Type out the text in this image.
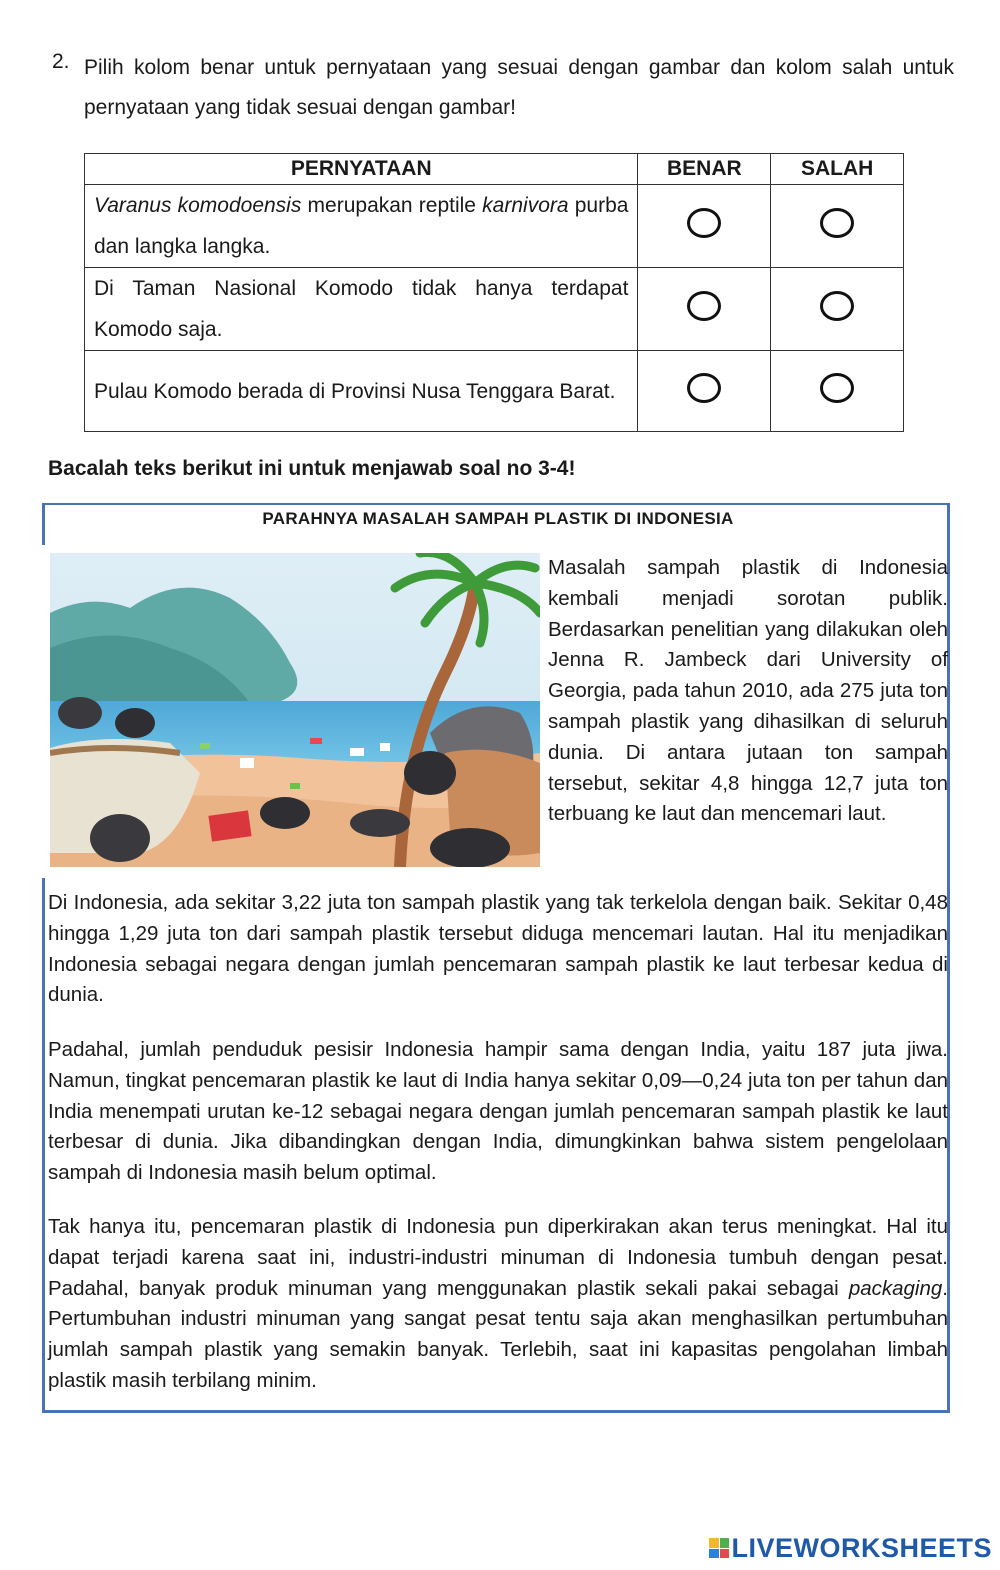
2. Pilih kolom benar untuk pernyataan yang sesuai dengan gambar dan kolom salah untuk pernyataan yang tidak sesuai dengan gambar!
PERNYATAAN	BENAR	SALAH
Varanus komodoensis merupakan reptile karnivora purba dan langka langka.		
Di Taman Nasional Komodo tidak hanya terdapat Komodo saja.		
Pulau Komodo berada di Provinsi Nusa Tenggara Barat.		
Bacalah teks berikut ini untuk menjawab soal no 3-4!
PARAHNYA MASALAH SAMPAH PLASTIK DI INDONESIA
Masalah sampah plastik di Indonesia kembali menjadi sorotan publik. Berdasarkan penelitian yang dilakukan oleh Jenna R. Jambeck dari University of Georgia, pada tahun 2010, ada 275 juta ton sampah plastik yang dihasilkan di seluruh dunia. Di antara jutaan ton sampah tersebut, sekitar 4,8 hingga 12,7 juta ton terbuang ke laut dan mencemari laut.
Di Indonesia, ada sekitar 3,22 juta ton sampah plastik yang tak terkelola dengan baik. Sekitar 0,48 hingga 1,29 juta ton dari sampah plastik tersebut diduga mencemari lautan. Hal itu menjadikan Indonesia sebagai negara dengan jumlah pencemaran sampah plastik ke laut terbesar kedua di dunia.
Padahal, jumlah penduduk pesisir Indonesia hampir sama dengan India, yaitu 187 juta jiwa. Namun, tingkat pencemaran plastik ke laut di India hanya sekitar 0,09—0,24 juta ton per tahun dan India menempati urutan ke-12 sebagai negara dengan jumlah pencemaran sampah plastik ke laut terbesar di dunia. Jika dibandingkan dengan India, dimungkinkan bahwa sistem pengelolaan sampah di Indonesia masih belum optimal.
Tak hanya itu, pencemaran plastik di Indonesia pun diperkirakan akan terus meningkat. Hal itu dapat terjadi karena saat ini, industri-industri minuman di Indonesia tumbuh dengan pesat. Padahal, banyak produk minuman yang menggunakan plastik sekali pakai sebagai packaging. Pertumbuhan industri minuman yang sangat pesat tentu saja akan menghasilkan pertumbuhan jumlah sampah plastik yang semakin banyak. Terlebih, saat ini kapasitas pengolahan limbah plastik masih terbilang minim.
LIVEWORKSHEETS
